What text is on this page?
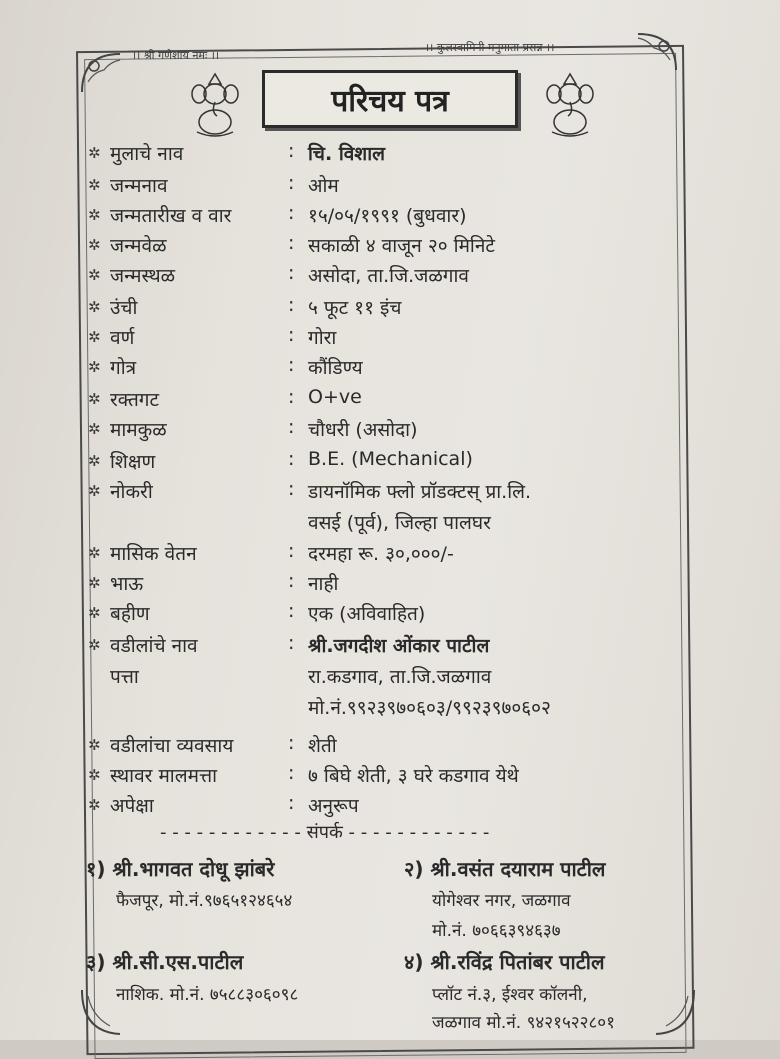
।। श्री गणेशाय नमः ।।
।। कुलस्वामिनी मनुमाता प्रसन्न ।।
परिचय पत्र
✲ मुलाचे नाव	: चि. विशाल
✲ जन्मनाव	: ओम
✲ जन्मतारीख व वार	: १५/०५/१९९१ (बुधवार)
✲ जन्मवेळ	: सकाळी ४ वाजून २० मिनिटे
✲ जन्मस्थळ	: असोदा, ता.जि.जळगाव
✲ उंची	: ५ फूट ११ इंच
✲ वर्ण	: गोरा
✲ गोत्र	: कौंडिण्य
✲ रक्तगट	: O+ve
✲ मामकुळ	: चौधरी (असोदा)
✲ शिक्षण	: B.E. (Mechanical)
✲ नोकरी	: डायनॉमिक फ्लो प्रॉडक्टस् प्रा.लि.
वसई (पूर्व), जिल्हा पालघर
✲ मासिक वेतन	: दरमहा रू. ३०,०००/-
✲ भाऊ	: नाही
✲ बहीण	: एक (अविवाहित)
✲ वडीलांचे नाव	: श्री.जगदीश ओंकार पाटील
पत्ता	रा.कडगाव, ता.जि.जळगाव
मो.नं.९९२३९७०६०३/९९२३९७०६०२
✲ वडीलांचा व्यवसाय	: शेती
✲ स्थावर मालमत्ता	: ७ बिघे शेती, ३ घरे कडगाव येथे
✲ अपेक्षा	: अनुरूप
- - - - - - - - - - - - संपर्क - - - - - - - - - - - -
१) श्री.भागवत दोधू झांबरे
फैजपूर, मो.नं.९७६५१२४६५४
२) श्री.वसंत दयाराम पाटील
योगेश्वर नगर, जळगाव
मो.नं. ७०६६३९४६३७
३) श्री.सी.एस.पाटील
नाशिक. मो.नं. ७५८८३०६०९८
४) श्री.रविंद्र पितांबर पाटील
प्लॉट नं.३, ईश्वर कॉलनी,
जळगाव मो.नं. ९४२१५२२८०१
